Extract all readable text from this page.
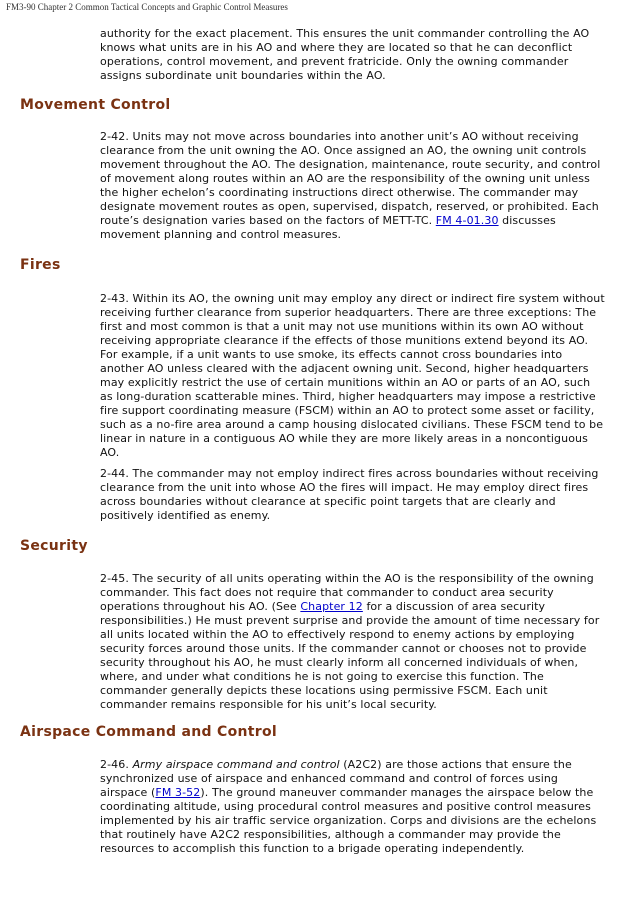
FM3-90 Chapter 2 Common Tactical Concepts and Graphic Control Measures

authority for the exact placement. This ensures the unit commander controlling the AO knows what units are in his AO and where they are located so that he can deconflict operations, control movement, and prevent fratricide. Only the owning commander assigns subordinate unit boundaries within the AO.

Movement Control

2-42. Units may not move across boundaries into another unit’s AO without receiving clearance from the unit owning the AO. Once assigned an AO, the owning unit controls movement throughout the AO. The designation, maintenance, route security, and control of movement along routes within an AO are the responsibility of the owning unit unless the higher echelon’s coordinating instructions direct otherwise. The commander may designate movement routes as open, supervised, dispatch, reserved, or prohibited. Each route’s designation varies based on the factors of METT-TC. FM 4-01.30 discusses movement planning and control measures.

Fires

2-43. Within its AO, the owning unit may employ any direct or indirect fire system without receiving further clearance from superior headquarters. There are three exceptions: The first and most common is that a unit may not use munitions within its own AO without receiving appropriate clearance if the effects of those munitions extend beyond its AO. For example, if a unit wants to use smoke, its effects cannot cross boundaries into another AO unless cleared with the adjacent owning unit. Second, higher headquarters may explicitly restrict the use of certain munitions within an AO or parts of an AO, such as long-duration scatterable mines. Third, higher headquarters may impose a restrictive fire support coordinating measure (FSCM) within an AO to protect some asset or facility, such as a no-fire area around a camp housing dislocated civilians. These FSCM tend to be linear in nature in a contiguous AO while they are more likely areas in a noncontiguous AO.

2-44. The commander may not employ indirect fires across boundaries without receiving clearance from the unit into whose AO the fires will impact. He may employ direct fires across boundaries without clearance at specific point targets that are clearly and positively identified as enemy.

Security

2-45. The security of all units operating within the AO is the responsibility of the owning commander. This fact does not require that commander to conduct area security operations throughout his AO. (See Chapter 12 for a discussion of area security responsibilities.) He must prevent surprise and provide the amount of time necessary for all units located within the AO to effectively respond to enemy actions by employing security forces around those units. If the commander cannot or chooses not to provide security throughout his AO, he must clearly inform all concerned individuals of when, where, and under what conditions he is not going to exercise this function. The commander generally depicts these locations using permissive FSCM. Each unit commander remains responsible for his unit’s local security.

Airspace Command and Control

2-46. Army airspace command and control (A2C2) are those actions that ensure the synchronized use of airspace and enhanced command and control of forces using airspace (FM 3-52). The ground maneuver commander manages the airspace below the coordinating altitude, using procedural control measures and positive control measures implemented by his air traffic service organization. Corps and divisions are the echelons that routinely have A2C2 responsibilities, although a commander may provide the resources to accomplish this function to a brigade operating independently.
